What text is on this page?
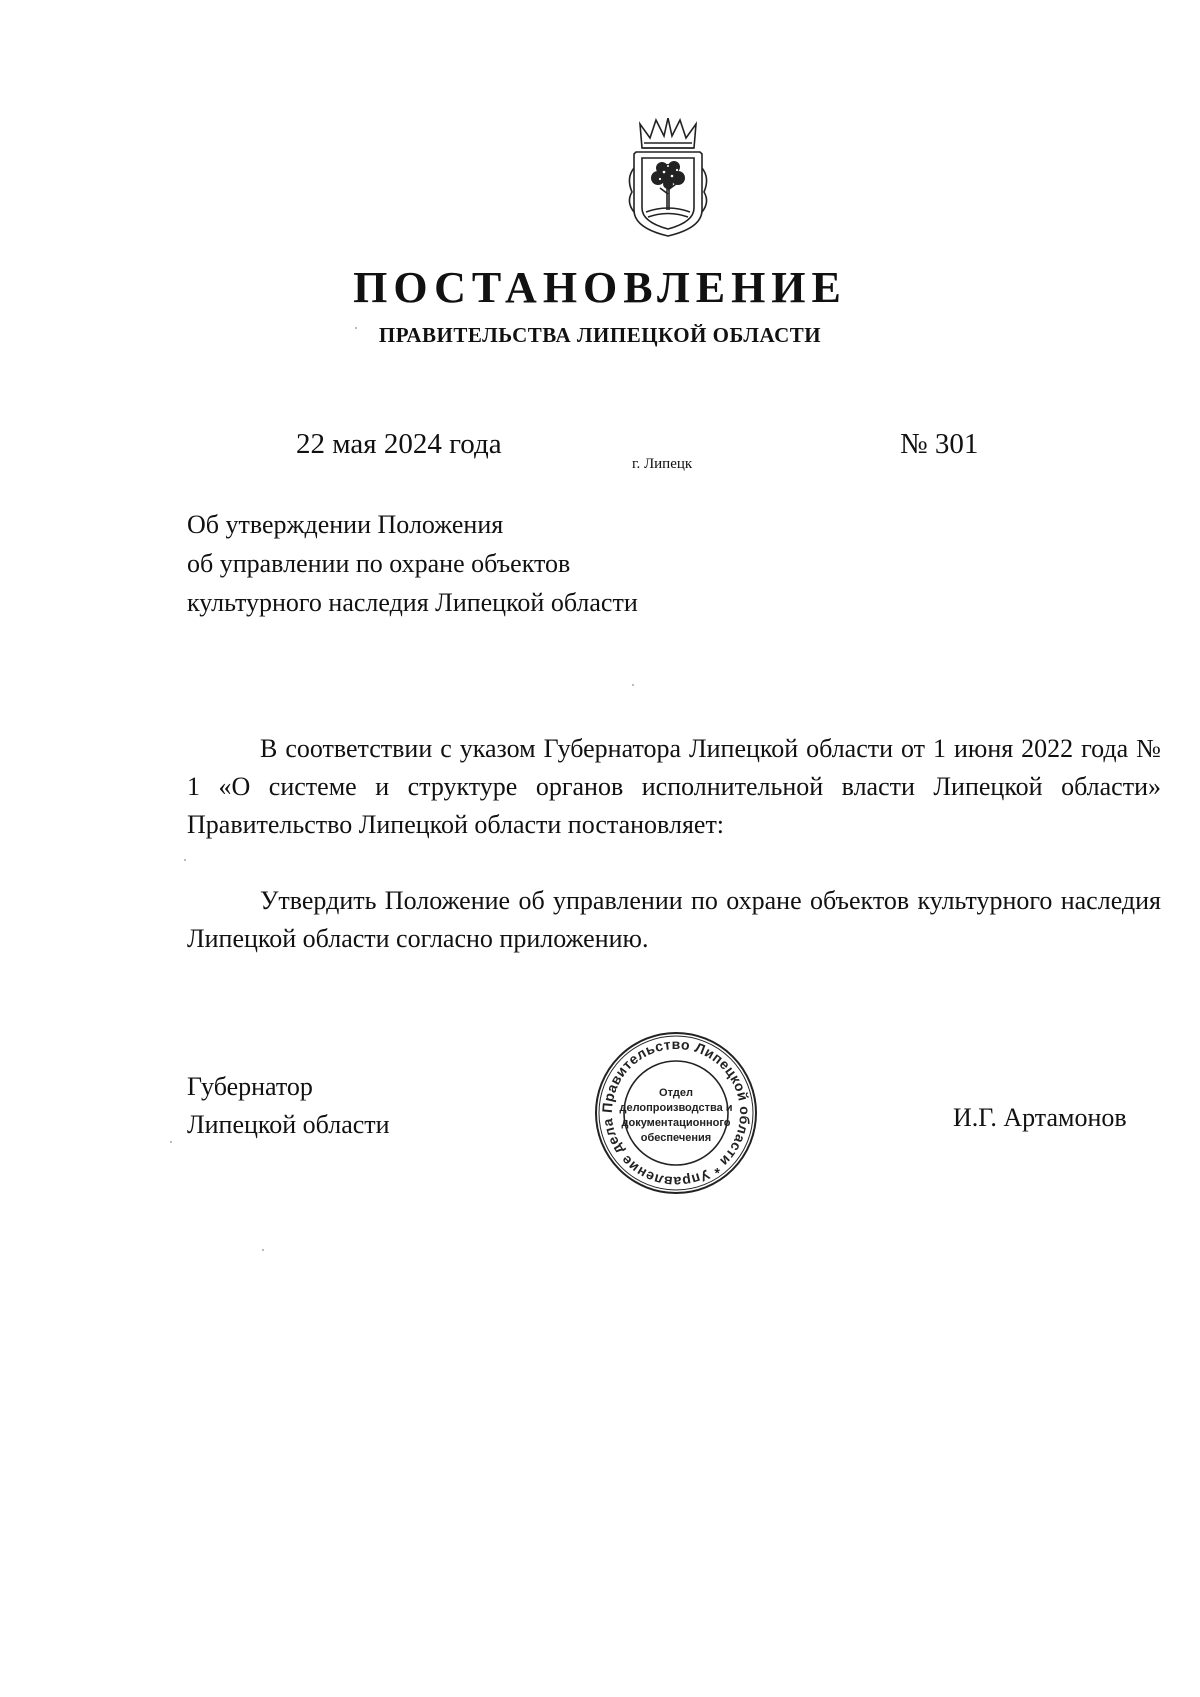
ПОСТАНОВЛЕНИЕ
ПРАВИТЕЛЬСТВА ЛИПЕЦКОЙ ОБЛАСТИ
22 мая 2024 года
г. Липецк
№ 301
Об утверждении Положения
об управлении по охране объектов
культурного наследия Липецкой области

В соответствии с указом Губернатора Липецкой области от 1 июня 2022 года № 1 «О системе и структуре органов исполнительной власти Липецкой области» Правительство Липецкой области постановляет:

Утвердить Положение об управлении по охране объектов культурного наследия Липецкой области согласно приложению.

Губернатор
Липецкой области
Правительство Липецкой области * Управление дела
Отдел
делопроизводства и
документационного
обеспечения
И.Г. Артамонов
